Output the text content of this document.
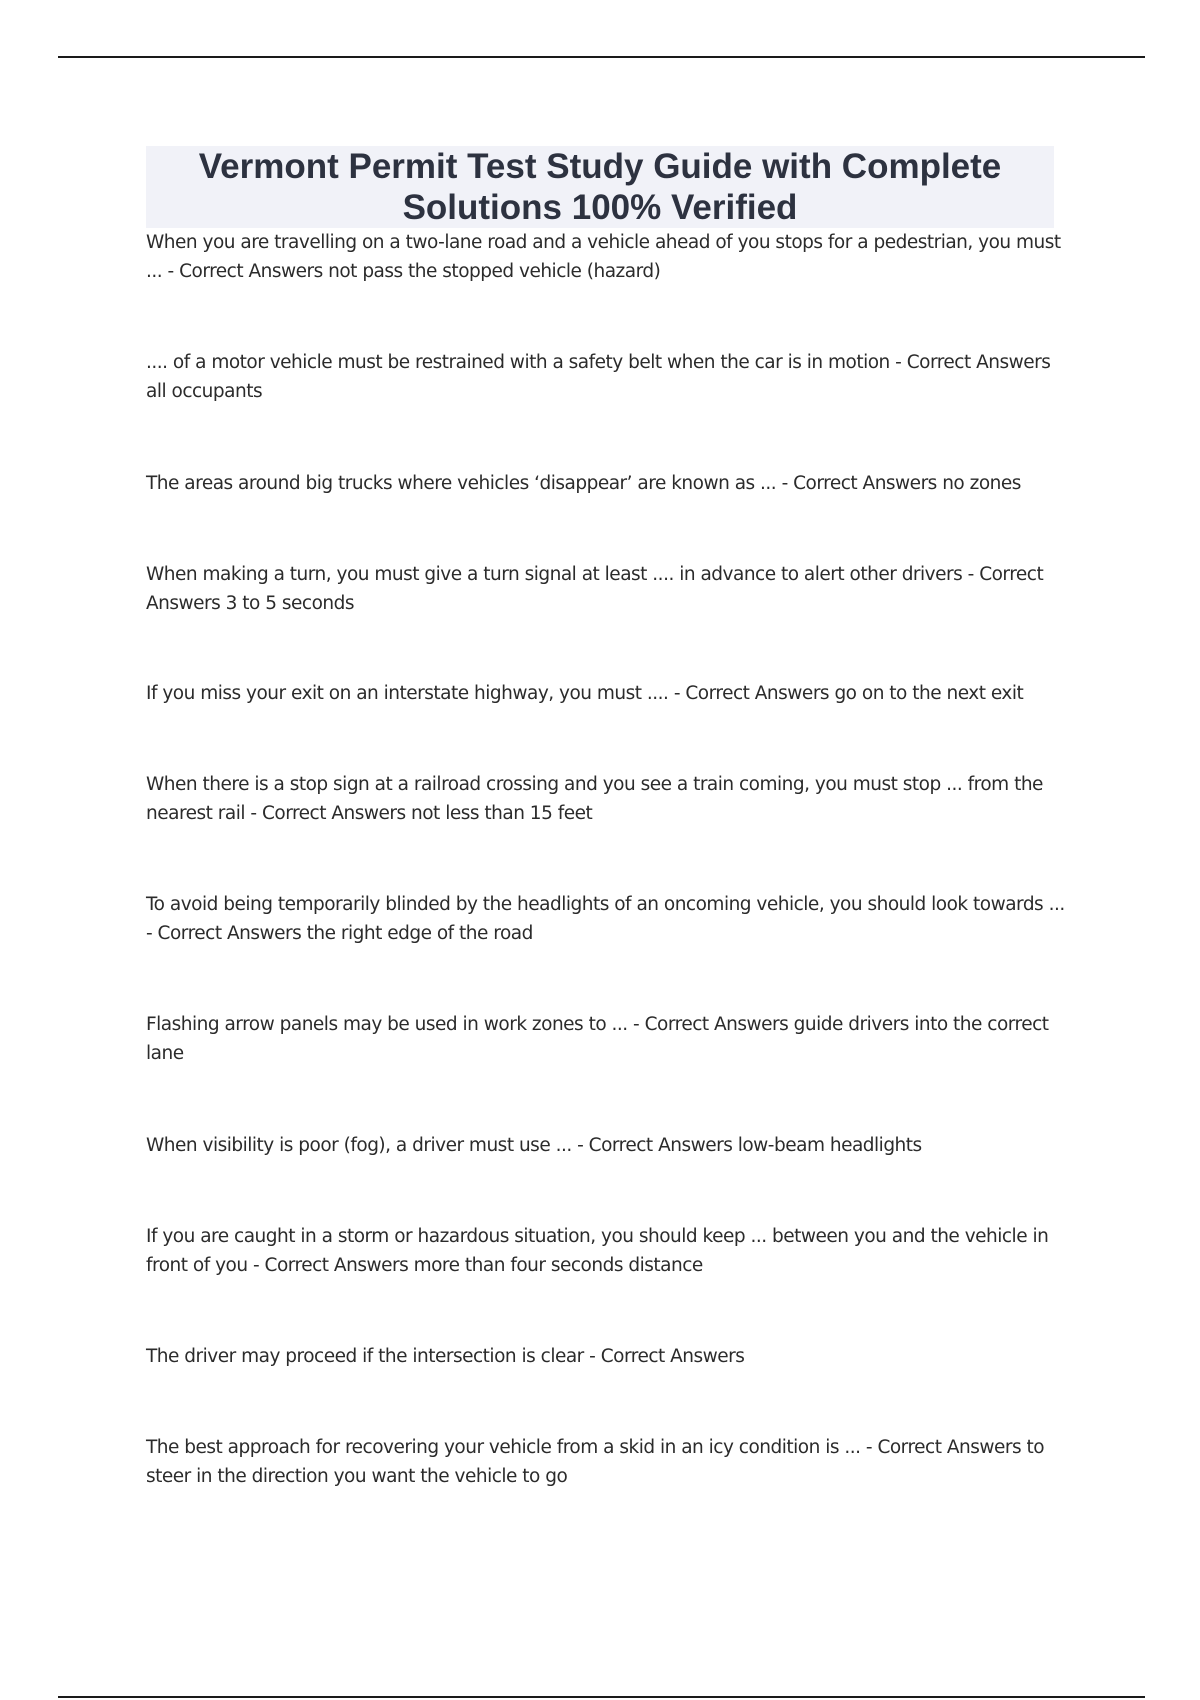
Vermont Permit Test Study Guide with Complete Solutions 100% Verified

When you are travelling on a two-lane road and a vehicle ahead of you stops for a pedestrian, you must ... - Correct Answers not pass the stopped vehicle (hazard)

.... of a motor vehicle must be restrained with a safety belt when the car is in motion - Correct Answers all occupants

The areas around big trucks where vehicles ‘disappear’ are known as ... - Correct Answers no zones

When making a turn, you must give a turn signal at least .... in advance to alert other drivers - Correct Answers 3 to 5 seconds

If you miss your exit on an interstate highway, you must .... - Correct Answers go on to the next exit

When there is a stop sign at a railroad crossing and you see a train coming, you must stop ... from the nearest rail - Correct Answers not less than 15 feet

To avoid being temporarily blinded by the headlights of an oncoming vehicle, you should look towards ... - Correct Answers the right edge of the road

Flashing arrow panels may be used in work zones to ... - Correct Answers guide drivers into the correct lane

When visibility is poor (fog), a driver must use ... - Correct Answers low-beam headlights

If you are caught in a storm or hazardous situation, you should keep ... between you and the vehicle in front of you - Correct Answers more than four seconds distance

The driver may proceed if the intersection is clear - Correct Answers

The best approach for recovering your vehicle from a skid in an icy condition is ... - Correct Answers to steer in the direction you want the vehicle to go
